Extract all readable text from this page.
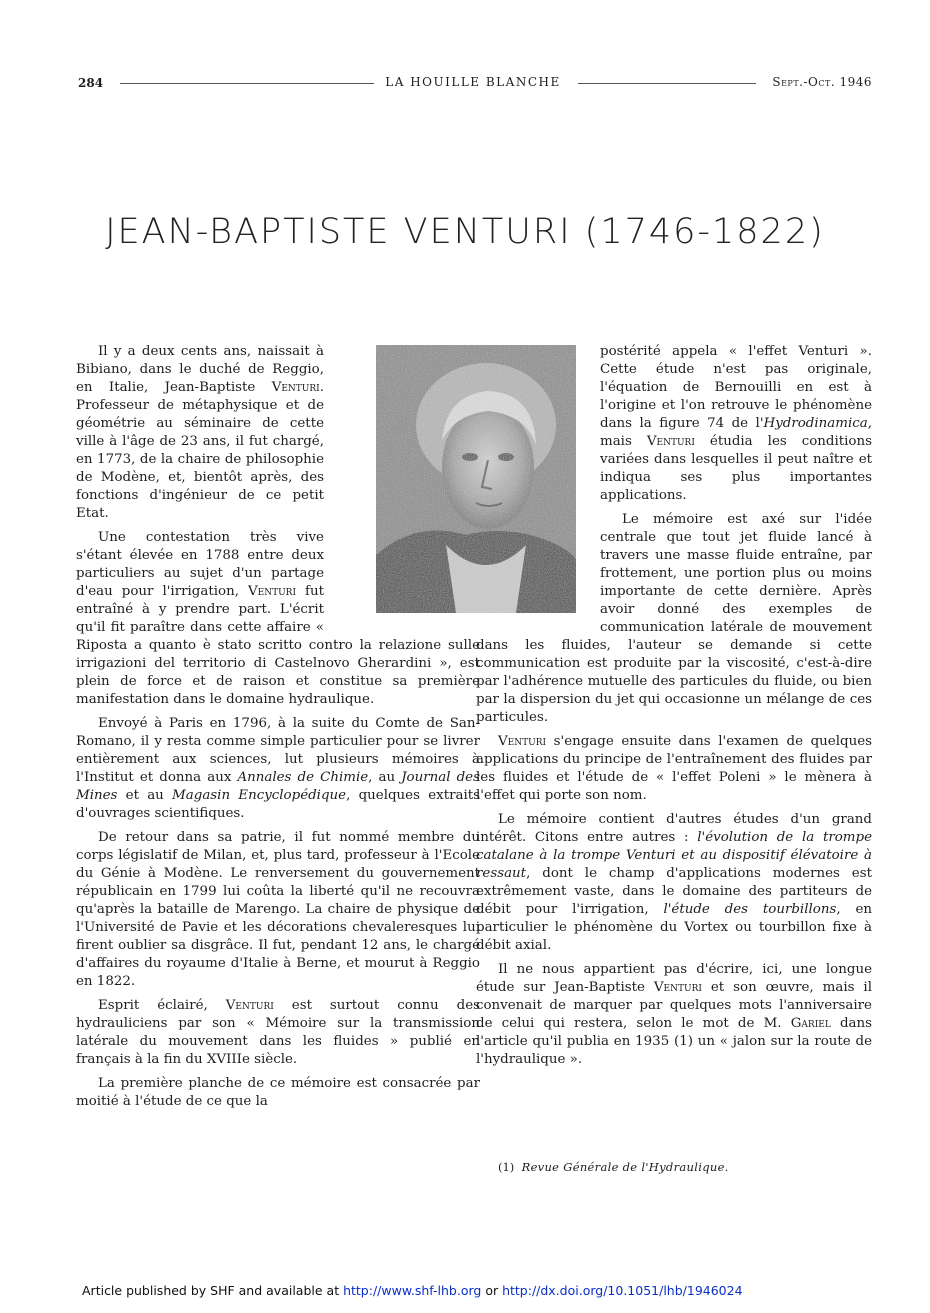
284	LA HOUILLE BLANCHE	Sept.-Oct. 1946
JEAN-BAPTISTE VENTURI (1746-1822)

Il y a deux cents ans, naissait à Bibiano, dans le duché de Reggio, en Italie, Jean-Baptiste Venturi. Professeur de métaphysique et de géométrie au séminaire de cette ville à l'âge de 23 ans, il fut chargé, en 1773, de la chaire de philosophie de Modène, et, bientôt après, des fonctions d'ingénieur de ce petit Etat.

Une contestation très vive s'étant élevée en 1788 entre deux particuliers au sujet d'un partage d'eau pour l'irrigation, Venturi fut entraîné à y prendre part. L'écrit qu'il fit paraître dans cette affaire « Riposta a quanto è stato scritto contro la relazione sulle irrigazioni del territorio di Castelnovo Gherardini », est plein de force et de raison et constitue sa première manifestation dans le domaine hydraulique.

Envoyé à Paris en 1796, à la suite du Comte de San-Romano, il y resta comme simple particulier pour se livrer entièrement aux sciences, lut plusieurs mémoires à l'Institut et donna aux Annales de Chimie, au Journal des Mines et au Magasin Encyclopédique, quelques extraits d'ouvrages scientifiques.

De retour dans sa patrie, il fut nommé membre du corps législatif de Milan, et, plus tard, professeur à l'Ecole du Génie à Modène. Le renversement du gouvernement républicain en 1799 lui coûta la liberté qu'il ne recouvra qu'après la bataille de Marengo. La chaire de physique de l'Université de Pavie et les décorations chevaleresques lui firent oublier sa disgrâce. Il fut, pendant 12 ans, le chargé d'affaires du royaume d'Italie à Berne, et mourut à Reggio en 1822.

Esprit éclairé, Venturi est surtout connu des hydrauliciens par son « Mémoire sur la transmission latérale du mouvement dans les fluides » publié en français à la fin du XVIIIe siècle.

La première planche de ce mémoire est consacrée par moitié à l'étude de ce que la

postérité appela « l'effet Venturi ». Cette étude n'est pas originale, l'équation de Bernouilli en est à l'origine et l'on retrouve le phénomène dans la figure 74 de l'Hydrodinamica, mais Venturi étudia les conditions variées dans lesquelles il peut naître et indiqua ses plus importantes applications.

Le mémoire est axé sur l'idée centrale que tout jet fluide lancé à travers une masse fluide entraîne, par frottement, une portion plus ou moins importante de cette dernière. Après avoir donné des exemples de communication latérale de mouvement dans les fluides, l'auteur se demande si cette communication est produite par la viscosité, c'est-à-dire par l'adhérence mutuelle des particules du fluide, ou bien par la dispersion du jet qui occasionne un mélange de ces particules.

Venturi s'engage ensuite dans l'examen de quelques applications du principe de l'entraînement des fluides par les fluides et l'étude de « l'effet Poleni » le mènera à l'effet qui porte son nom.

Le mémoire contient d'autres études d'un grand intérêt. Citons entre autres : l'évolution de la trompe catalane à la trompe Venturi et au dispositif élévatoire à ressaut, dont le champ d'applications modernes est extrêmement vaste, dans le domaine des partiteurs de débit pour l'irrigation, l'étude des tourbillons, en particulier le phénomène du Vortex ou tourbillon fixe à débit axial.

Il ne nous appartient pas d'écrire, ici, une longue étude sur Jean-Baptiste Venturi et son œuvre, mais il convenait de marquer par quelques mots l'anniversaire de celui qui restera, selon le mot de M. Gariel dans l'article qu'il publia en 1935 (1) un « jalon sur la route de l'hydraulique ».

(1) Revue Générale de l'Hydraulique.
Article published by SHF and available at http://www.shf-lhb.org or http://dx.doi.org/10.1051/lhb/1946024
